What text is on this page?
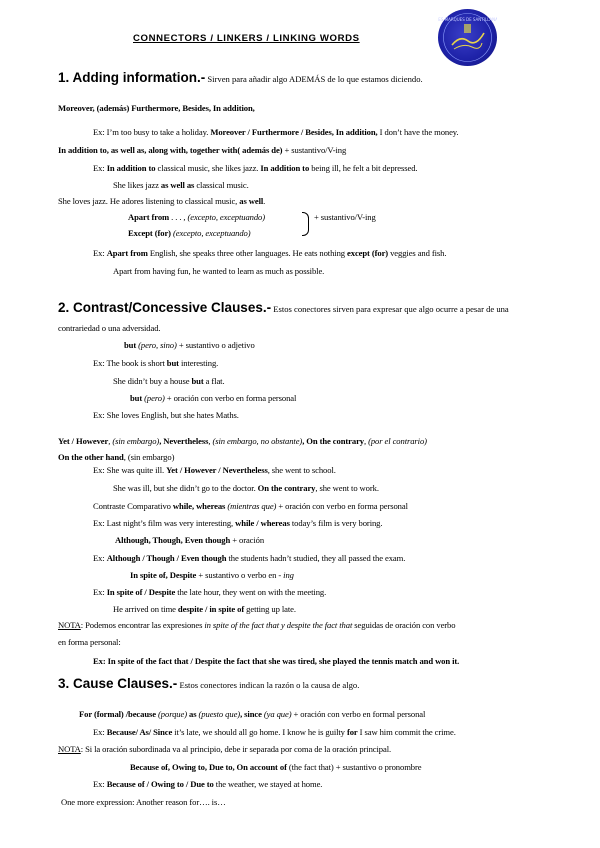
CONNECTORS / LINKERS / LINKING WORDS
IES MARQUES DE SANTILLANA
1. Adding information.- Sirven para añadir algo ADEMÁS de lo que estamos diciendo.
Moreover, (además) Furthermore, Besides, In addition,
Ex: I’m too busy to take a holiday. Moreover / Furthermore / Besides, In addition, I don’t have the money.
In addition to, as well as, along with, together with( además de) + sustantivo/V-ing
Ex: In addition to classical music, she likes jazz. In addition to being ill, he felt a bit depressed.
She likes jazz as well as classical music.
She loves jazz. He adores listening to classical music, as well.
Apart from . . . , (excepto, exceptuando)
Except (for) (excepto, exceptuando)
+ sustantivo/V-ing
Ex: Apart from English, she speaks three other languages. He eats nothing except (for) veggies and fish.
Apart from having fun, he wanted to learn as much as possible.
2. Contrast/Concessive Clauses.- Estos conectores sirven para expresar que algo ocurre a pesar de una
contrariedad o una adversidad.
but (pero, sino) + sustantivo o adjetivo
Ex: The book is short but interesting.
She didn’t buy a house but a flat.
but (pero) + oración con verbo en forma personal
Ex: She loves English, but she hates Maths.
Yet / However, (sin embargo), Nevertheless, (sin embargo, no obstante), On the contrary, (por el contrario)
On the other hand, (sin embargo)
Ex: She was quite ill. Yet / However / Nevertheless, she went to school.
She was ill, but she didn’t go to the doctor. On the contrary, she went to work.
Contraste Comparativo while, whereas (mientras que) + oración con verbo en forma personal
Ex: Last night’s film was very interesting, while / whereas today’s film is very boring.
Although, Though, Even though + oración
Ex: Although / Though / Even though the students hadn’t studied, they all passed the exam.
In spite of, Despite + sustantivo o verbo en - ing
Ex: In spite of / Despite the late hour, they went on with the meeting.
He arrived on time despite / in spite of getting up late.
NOTA: Podemos encontrar las expresiones in spite of the fact that y despite the fact that seguidas de oración con verbo
en forma personal:
Ex: In spite of the fact that / Despite the fact that she was tired, she played the tennis match and won it.
3. Cause Clauses.- Estos conectores indican la razón o la causa de algo.
For (formal) /because (porque) as (puesto que), since (ya que) + oración con verbo en formal personal
Ex: Because/ As/ Since it’s late, we should all go home. I know he is guilty for I saw him commit the crime.
NOTA: Si la oración subordinada va al principio, debe ir separada por coma de la oración principal.
Because of, Owing to, Due to, On account of (the fact that) + sustantivo o pronombre
Ex: Because of / Owing to / Due to the weather, we stayed at home.
One more expression: Another reason for…. is…
